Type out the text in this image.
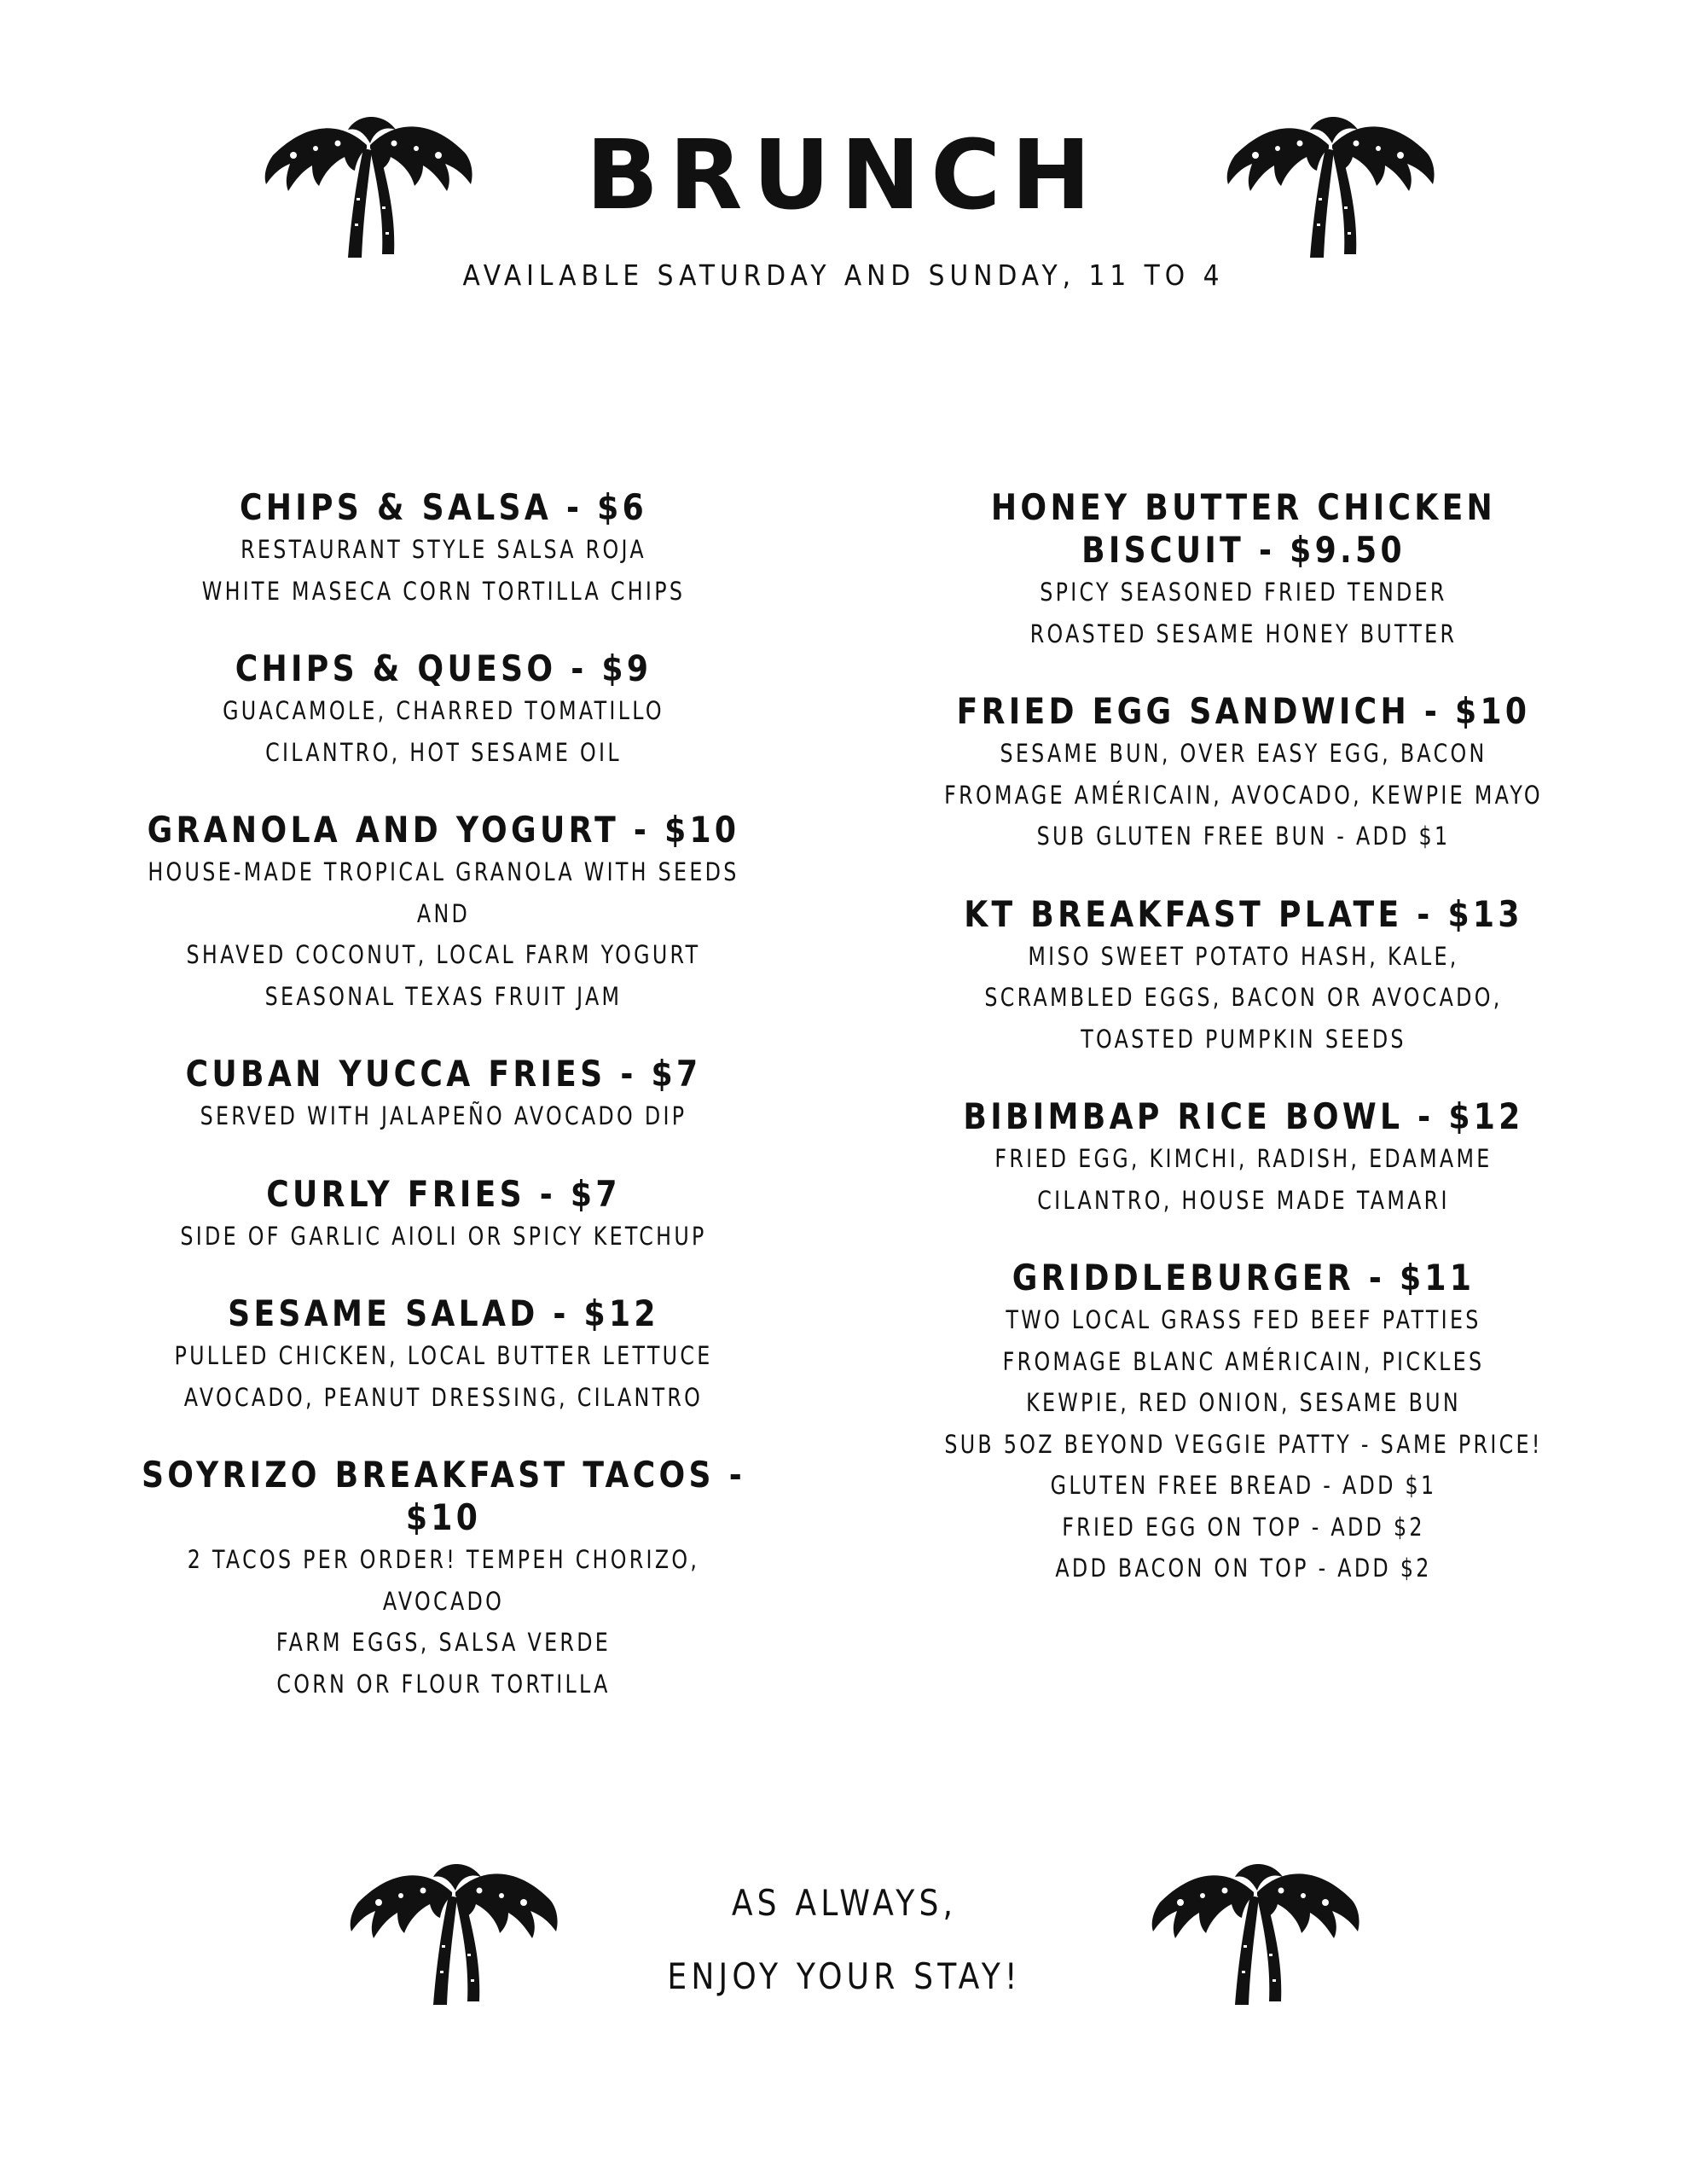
BRUNCH
AVAILABLE SATURDAY AND SUNDAY, 11 TO 4
CHIPS & SALSA - $6
RESTAURANT STYLE SALSA ROJA
WHITE MASECA CORN TORTILLA CHIPS
CHIPS & QUESO - $9
GUACAMOLE, CHARRED TOMATILLO
CILANTRO, HOT SESAME OIL
GRANOLA AND YOGURT - $10
HOUSE-MADE TROPICAL GRANOLA WITH SEEDS AND
SHAVED COCONUT, LOCAL FARM YOGURT
SEASONAL TEXAS FRUIT JAM
CUBAN YUCCA FRIES - $7
SERVED WITH JALAPEÑO AVOCADO DIP
CURLY FRIES - $7
SIDE OF GARLIC AIOLI OR SPICY KETCHUP
SESAME SALAD - $12
PULLED CHICKEN, LOCAL BUTTER LETTUCE
AVOCADO, PEANUT DRESSING, CILANTRO
SOYRIZO BREAKFAST TACOS - $10
2 TACOS PER ORDER! TEMPEH CHORIZO, AVOCADO
FARM EGGS, SALSA VERDE
CORN OR FLOUR TORTILLA
HONEY BUTTER CHICKEN
BISCUIT - $9.50
SPICY SEASONED FRIED TENDER
ROASTED SESAME HONEY BUTTER
FRIED EGG SANDWICH - $10
SESAME BUN, OVER EASY EGG, BACON
FROMAGE AMÉRICAIN, AVOCADO, KEWPIE MAYO
SUB GLUTEN FREE BUN - ADD $1
KT BREAKFAST PLATE - $13
MISO SWEET POTATO HASH, KALE,
SCRAMBLED EGGS, BACON OR AVOCADO,
TOASTED PUMPKIN SEEDS
BIBIMBAP RICE BOWL - $12
FRIED EGG, KIMCHI, RADISH, EDAMAME
CILANTRO, HOUSE MADE TAMARI
GRIDDLEBURGER - $11
TWO LOCAL GRASS FED BEEF PATTIES
FROMAGE BLANC AMÉRICAIN, PICKLES
KEWPIE, RED ONION, SESAME BUN
SUB 5OZ BEYOND VEGGIE PATTY - SAME PRICE!
GLUTEN FREE BREAD - ADD $1
FRIED EGG ON TOP - ADD $2
ADD BACON ON TOP - ADD $2
AS ALWAYS,
ENJOY YOUR STAY!
